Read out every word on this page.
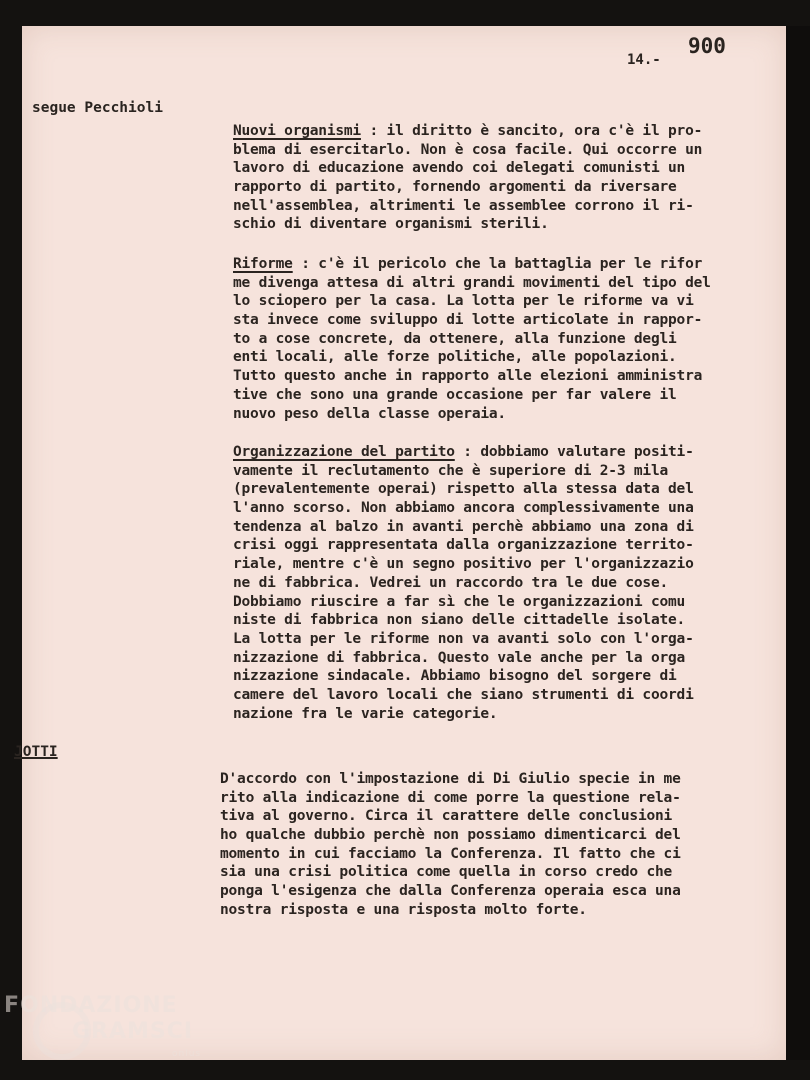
900
14.-
segue Pecchioli
Nuovi organismi : il diritto è sancito, ora c'è il pro-
blema di esercitarlo. Non è cosa facile. Qui occorre un
lavoro di educazione avendo coi delegati comunisti un
rapporto di partito, fornendo argomenti da riversare
nell'assemblea, altrimenti le assemblee corrono il ri-
schio di diventare organismi sterili.
Riforme : c'è il pericolo che la battaglia per le rifor
me divenga attesa di altri grandi movimenti del tipo del
lo sciopero per la casa. La lotta per le riforme va vi
sta invece come sviluppo di lotte articolate in rappor-
to a cose concrete, da ottenere, alla funzione degli
enti locali, alle forze politiche, alle popolazioni.
Tutto questo anche in rapporto alle elezioni amministra
tive che sono una grande occasione per far valere il
nuovo peso della classe operaia.
Organizzazione del partito : dobbiamo valutare positi-
vamente il reclutamento che è superiore di 2-3 mila
(prevalentemente operai) rispetto alla stessa data del
l'anno scorso. Non abbiamo ancora complessivamente una
tendenza al balzo in avanti perchè abbiamo una zona di
crisi oggi rappresentata dalla organizzazione territo-
riale, mentre c'è un segno positivo per l'organizzazio
ne di fabbrica. Vedrei un raccordo tra le due cose.
Dobbiamo riuscire a far sì che le organizzazioni comu
niste di fabbrica non siano delle cittadelle isolate.
La lotta per le riforme non va avanti solo con l'orga-
nizzazione di fabbrica. Questo vale anche per la orga
nizzazione sindacale. Abbiamo bisogno del sorgere di
camere del lavoro locali che siano strumenti di coordi
nazione fra le varie categorie.
JOTTI
D'accordo con l'impostazione di Di Giulio specie in me
rito alla indicazione di come porre la questione rela-
tiva al governo. Circa il carattere delle conclusioni
ho qualche dubbio perchè non possiamo dimenticarci del
momento in cui facciamo la Conferenza. Il fatto che ci
sia una crisi politica come quella in corso credo che
ponga l'esigenza che dalla Conferenza operaia esca una
nostra risposta e una risposta molto forte.
FONDAZIONE
GRAMSCI
onlus
